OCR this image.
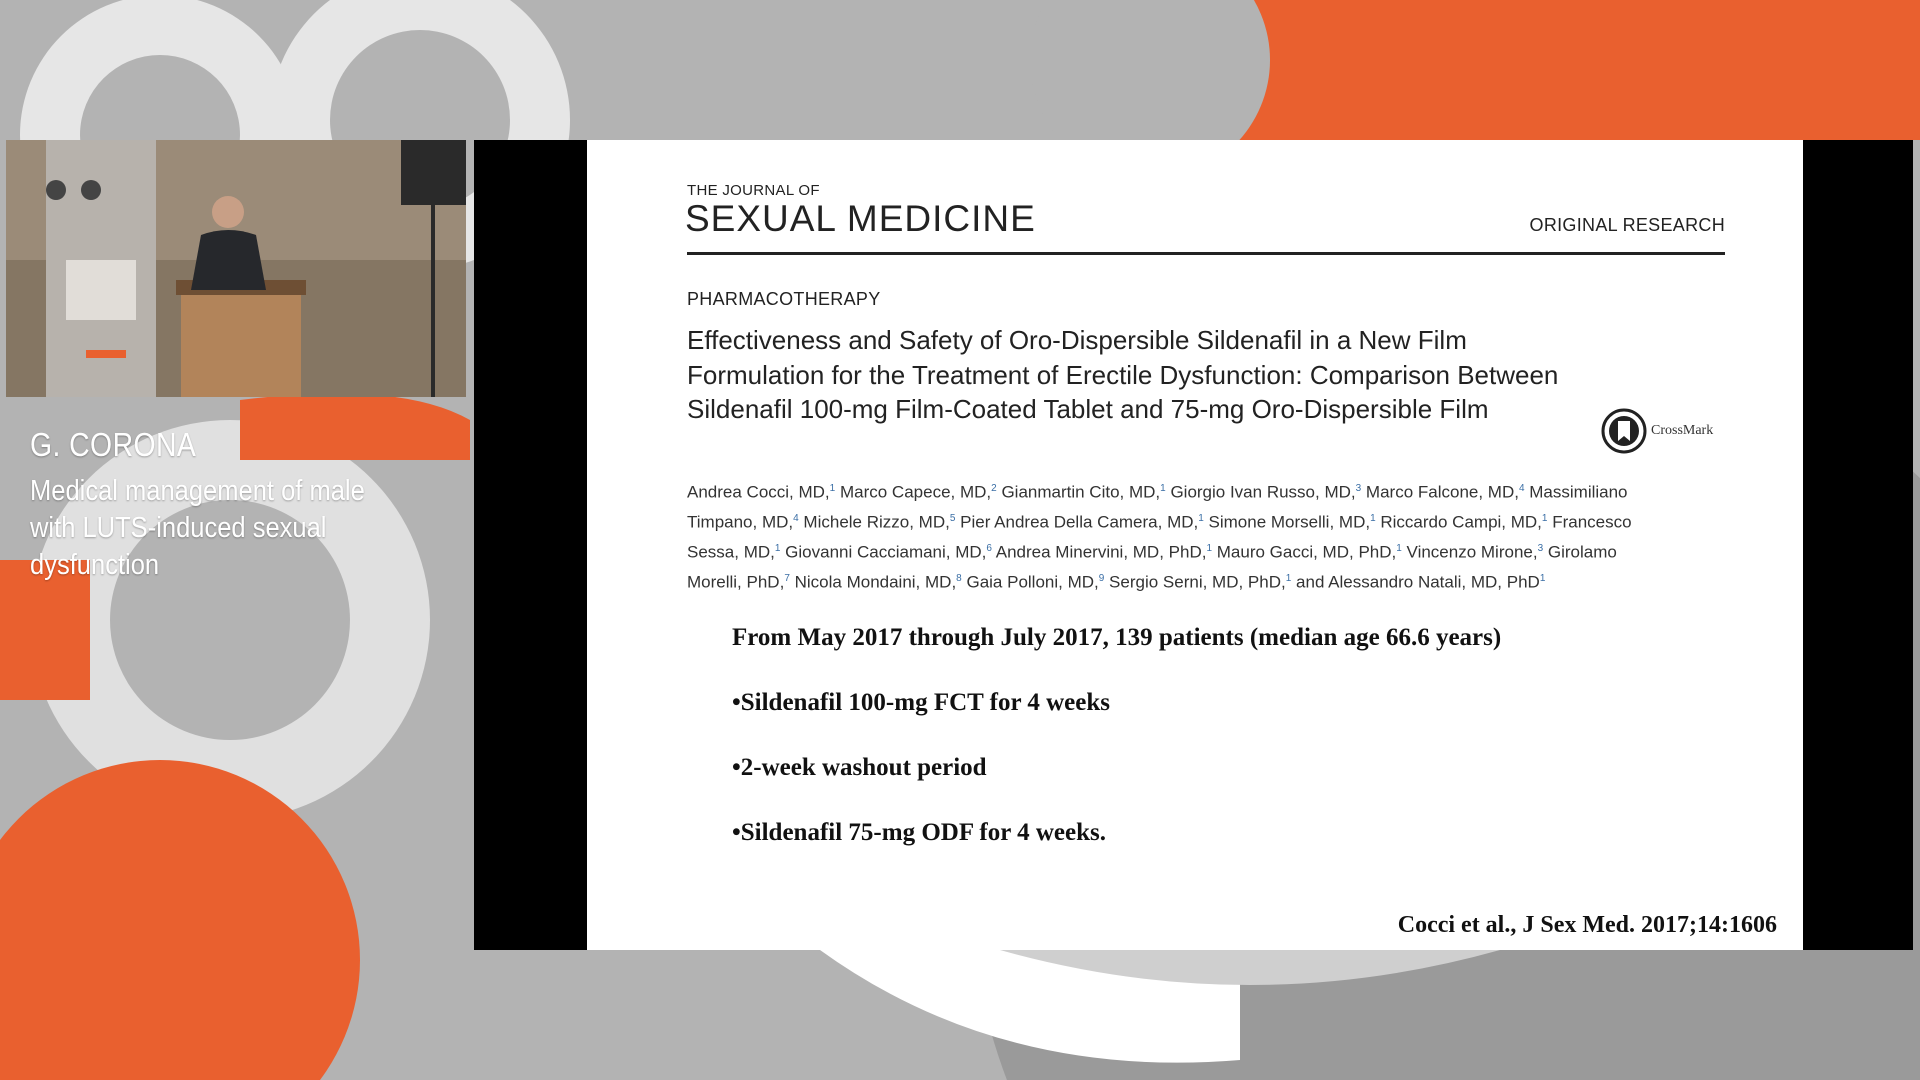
G. CORONA
Medical management of male with LUTS-induced sexual dysfunction
THE JOURNAL OF
SEXUAL MEDICINE	ORIGINAL RESEARCH
PHARMACOTHERAPY
Effectiveness and Safety of Oro-Dispersible Sildenafil in a New Film Formulation for the Treatment of Erectile Dysfunction: Comparison Between Sildenafil 100-mg Film-Coated Tablet and 75-mg Oro-Dispersible Film
CrossMark
Andrea Cocci, MD,$^1$ Marco Capece, MD,$^2$ Gianmartin Cito, MD,$^1$ Giorgio Ivan Russo, MD,$^3$ Marco Falcone, MD,$^4$ Massimiliano Timpano, MD,$^4$ Michele Rizzo, MD,$^5$ Pier Andrea Della Camera, MD,$^1$ Simone Morselli, MD,$^1$ Riccardo Campi, MD,$^1$ Francesco Sessa, MD,$^1$ Giovanni Cacciamani, MD,$^6$ Andrea Minervini, MD, PhD,$^1$ Mauro Gacci, MD, PhD,$^1$ Vincenzo Mirone,$^3$ Girolamo Morelli, PhD,$^7$ Nicola Mondaini, MD,$^8$ Gaia Polloni, MD,$^9$ Sergio Serni, MD, PhD,$^1$ and Alessandro Natali, MD, PhD$^1$
From May 2017 through July 2017, 139 patients (median age 66.6 years)
•Sildenafil 100-mg FCT for 4 weeks
•2-week washout period
•Sildenafil 75-mg ODF for 4 weeks.
Cocci et al., J Sex Med. 2017;14:1606
